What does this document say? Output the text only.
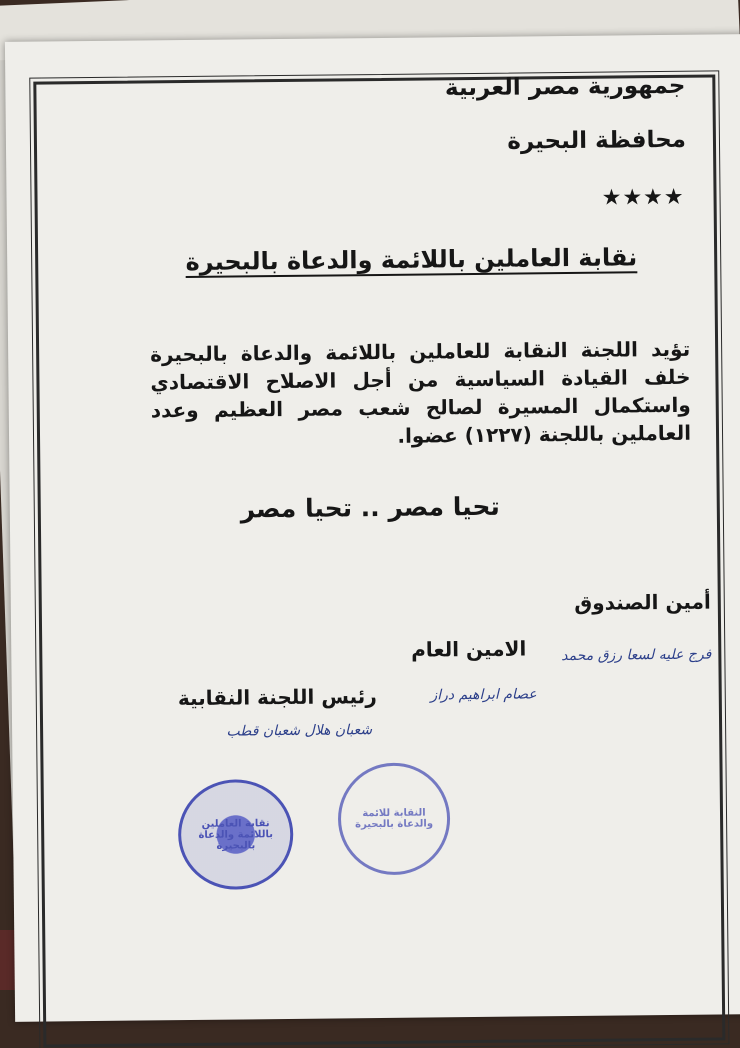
جمهورية مصر العربية
محافظة البحيرة
★★★★
نقابة العاملين باللائمة والدعاة بالبحيرة
تؤيد اللجنة النقابة للعاملين باللائمة والدعاة بالبحيرة خلف القيادة السياسية من أجل الاصلاح الاقتصادي واستكمال المسيرة لصالح شعب مصر العظيم وعدد العاملين باللجنة (١٢٢٧) عضوا.
تحيا مصر .. تحيا مصر
أمين الصندوق
فرج عليه لسعا رزق محمد
الامين العام
عصام ابراهيم دراز
رئيس اللجنة النقابية
شعبان هلال شعبان قطب
نقابة العاملين باللائمة والدعاة بالبحيرة
النقابة للائمة والدعاة بالبحيرة
